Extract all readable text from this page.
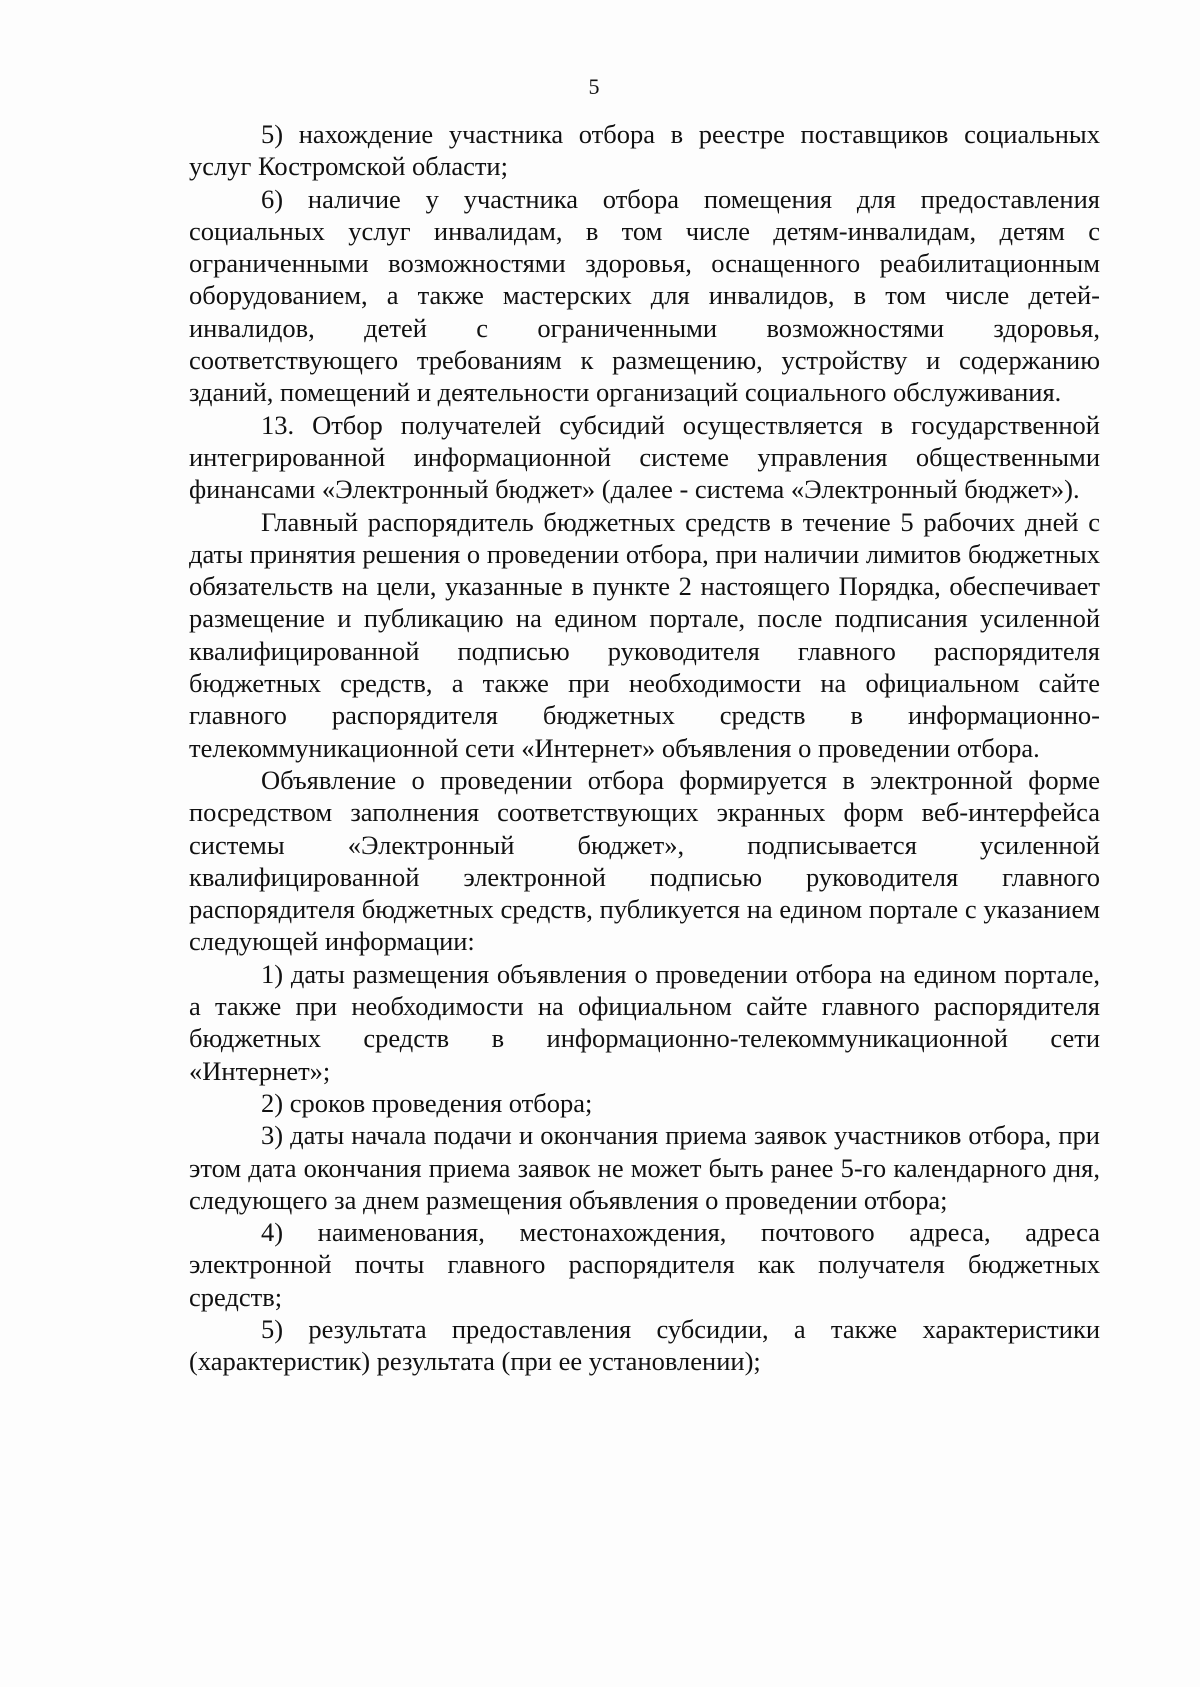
5

5) нахождение участника отбора в реестре поставщиков социальных услуг Костромской области;

6) наличие у участника отбора помещения для предоставления социальных услуг инвалидам, в том числе детям-инвалидам, детям с ограниченными возможностями здоровья, оснащенного реабилитационным оборудованием, а также мастерских для инвалидов, в том числе детей-инвалидов, детей с ограниченными возможностями здоровья, соответствующего требованиям к размещению, устройству и содержанию зданий, помещений и деятельности организаций социального обслуживания.

13. Отбор получателей субсидий осуществляется в государственной интегрированной информационной системе управления общественными финансами «Электронный бюджет» (далее - система «Электронный бюджет»).

Главный распорядитель бюджетных средств в течение 5 рабочих дней с даты принятия решения о проведении отбора, при наличии лимитов бюджетных обязательств на цели, указанные в пункте 2 настоящего Порядка, обеспечивает размещение и публикацию на едином портале, после подписания усиленной квалифицированной подписью руководителя главного распорядителя бюджетных средств, а также при необходимости на официальном сайте главного распорядителя бюджетных средств в информационно-телекоммуникационной сети «Интернет» объявления о проведении отбора.

Объявление о проведении отбора формируется в электронной форме посредством заполнения соответствующих экранных форм веб-интерфейса системы «Электронный бюджет», подписывается усиленной квалифицированной электронной подписью руководителя главного распорядителя бюджетных средств, публикуется на едином портале с указанием следующей информации:

1) даты размещения объявления о проведении отбора на едином портале, а также при необходимости на официальном сайте главного распорядителя бюджетных средств в информационно-телекоммуникационной сети «Интернет»;

2) сроков проведения отбора;

3) даты начала подачи и окончания приема заявок участников отбора, при этом дата окончания приема заявок не может быть ранее 5-го календарного дня, следующего за днем размещения объявления о проведении отбора;

4) наименования, местонахождения, почтового адреса, адреса электронной почты главного распорядителя как получателя бюджетных средств;

5) результата предоставления субсидии, а также характеристики (характеристик) результата (при ее установлении);
